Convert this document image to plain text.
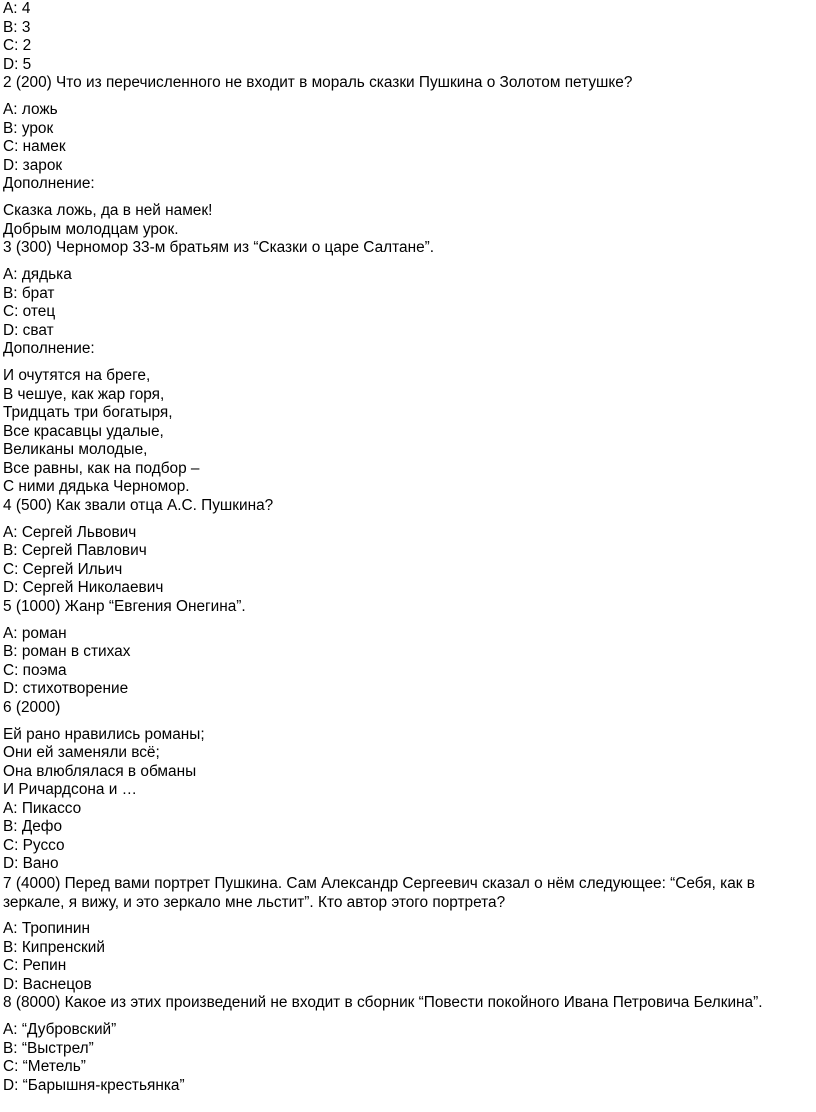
A: 4
B: 3
C: 2
D: 5
2 (200) Что из перечисленного не входит в мораль сказки Пушкина о Золотом петушке?
A: ложь
B: урок
C: намек
D: зарок
Дополнение:
Сказка ложь, да в ней намек!
Добрым молодцам урок.
3 (300) Черномор 33-м братьям из “Сказки о царе Салтане”.
A: дядька
B: брат
C: отец
D: сват
Дополнение:
И очутятся на бреге,
В чешуе, как жар горя,
Тридцать три богатыря,
Все красавцы удалые,
Великаны молодые,
Все равны, как на подбор –
С ними дядька Черномор.
4 (500) Как звали отца А.С. Пушкина?
A: Сергей Львович
B: Сергей Павлович
C: Сергей Ильич
D: Сергей Николаевич
5 (1000) Жанр “Евгения Онегина”.
A: роман
B: роман в стихах
C: поэма
D: стихотворение
6 (2000)
Ей рано нравились романы;
Они ей заменяли всё;
Она влюблялася в обманы
И Ричардсона и …
A: Пикассо
B: Дефо
C: Руссо
D: Вано
7 (4000) Перед вами портрет Пушкина. Сам Александр Сергеевич сказал о нём следующее: “Себя, как в зеркале, я вижу, и это зеркало мне льстит”. Кто автор этого портрета?
A: Тропинин
B: Кипренский
C: Репин
D: Васнецов
8 (8000) Какое из этих произведений не входит в сборник “Повести покойного Ивана Петровича Белкина”.
A: “Дубровский”
B: “Выстрел”
C: “Метель”
D: “Барышня-крестьянка”
